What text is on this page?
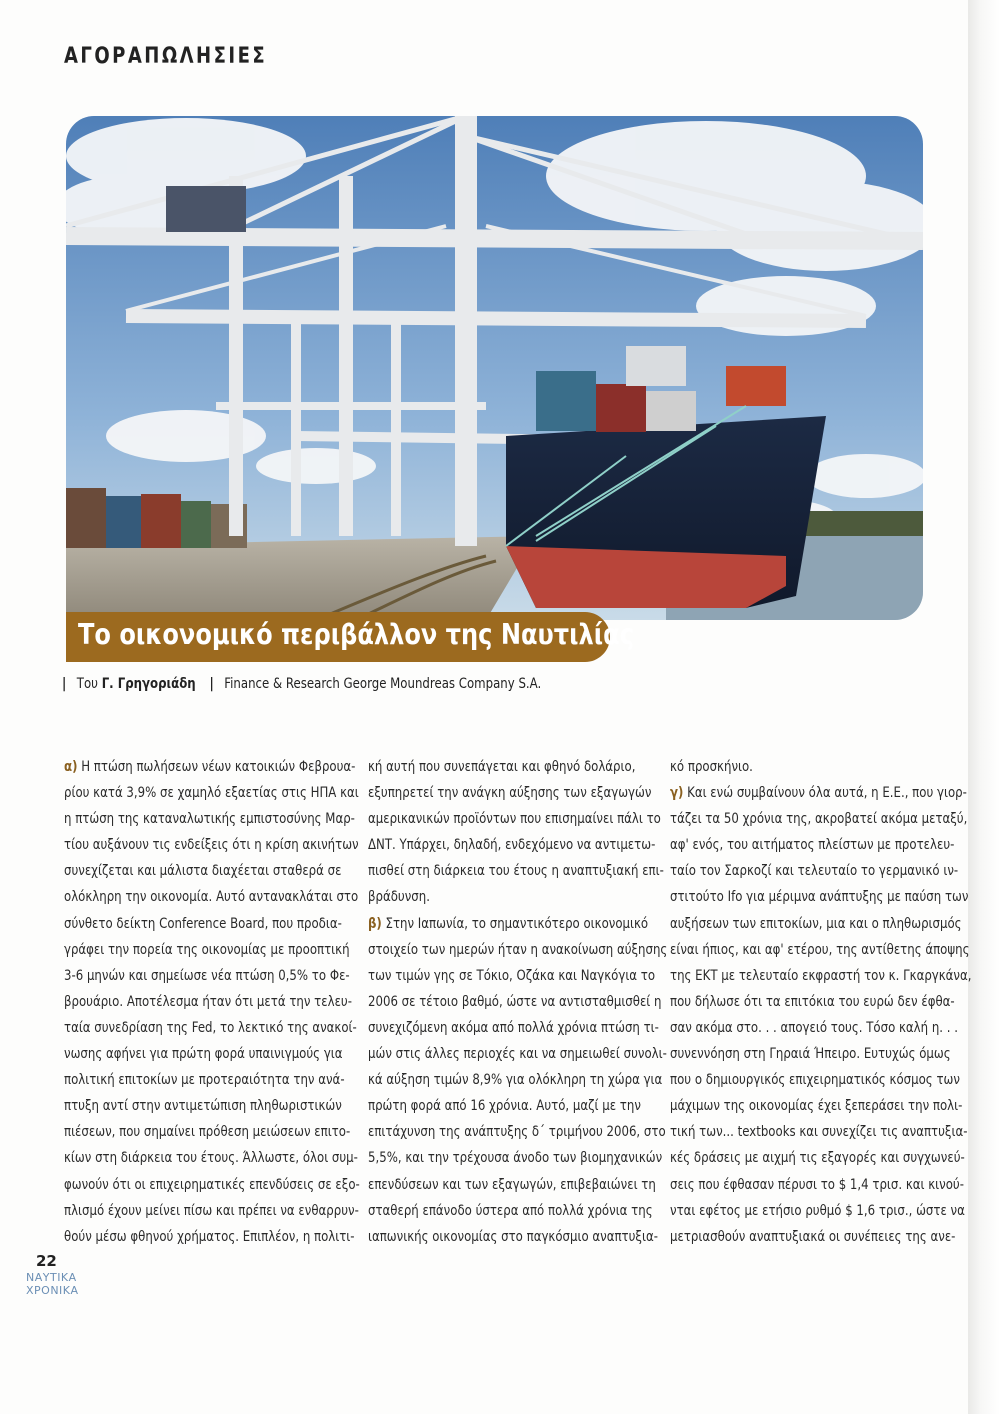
ΑΓΟΡΑΠΩΛΗΣΙΕΣ
Το οικονομικό περιβάλλον της Ναυτιλίας
| Του Γ. Γρηγοριάδη | Finance & Research George Moundreas Company S.A.
α) Η πτώση πωλήσεων νέων κατοικιών Φεβρουα-
ρίου κατά 3,9% σε χαμηλό εξαετίας στις ΗΠΑ και
η πτώση της καταναλωτικής εμπιστοσύνης Μαρ-
τίου αυξάνουν τις ενδείξεις ότι η κρίση ακινήτων
συνεχίζεται και μάλιστα διαχέεται σταθερά σε
ολόκληρη την οικονομία. Αυτό αντανακλάται στο
σύνθετο δείκτη Conference Board, που προδια-
γράφει την πορεία της οικονομίας με προοπτική
3-6 μηνών και σημείωσε νέα πτώση 0,5% το Φε-
βρουάριο. Αποτέλεσμα ήταν ότι μετά την τελευ-
ταία συνεδρίαση της Fed, το λεκτικό της ανακοί-
νωσης αφήνει για πρώτη φορά υπαινιγμούς για
πολιτική επιτοκίων με προτεραιότητα την ανά-
πτυξη αντί στην αντιμετώπιση πληθωριστικών
πιέσεων, που σημαίνει πρόθεση μειώσεων επιτο-
κίων στη διάρκεια του έτους. Άλλωστε, όλοι συμ-
φωνούν ότι οι επιχειρηματικές επενδύσεις σε εξο-
πλισμό έχουν μείνει πίσω και πρέπει να ενθαρρυν-
θούν μέσω φθηνού χρήματος. Επιπλέον, η πολιτι-
κή αυτή που συνεπάγεται και φθηνό δολάριο,
εξυπηρετεί την ανάγκη αύξησης των εξαγωγών
αμερικανικών προϊόντων που επισημαίνει πάλι το
ΔΝΤ. Υπάρχει, δηλαδή, ενδεχόμενο να αντιμετω-
πισθεί στη διάρκεια του έτους η αναπτυξιακή επι-
βράδυνση.
β) Στην Ιαπωνία, το σημαντικότερο οικονομικό
στοιχείο των ημερών ήταν η ανακοίνωση αύξησης
των τιμών γης σε Τόκιο, Οζάκα και Ναγκόγια το
2006 σε τέτοιο βαθμό, ώστε να αντισταθμισθεί η
συνεχιζόμενη ακόμα από πολλά χρόνια πτώση τι-
μών στις άλλες περιοχές και να σημειωθεί συνολι-
κά αύξηση τιμών 8,9% για ολόκληρη τη χώρα για
πρώτη φορά από 16 χρόνια. Αυτό, μαζί με την
επιτάχυνση της ανάπτυξης δ΄ τριμήνου 2006, στο
5,5%, και την τρέχουσα άνοδο των βιομηχανικών
επενδύσεων και των εξαγωγών, επιβεβαιώνει τη
σταθερή επάνοδο ύστερα από πολλά χρόνια της
ιαπωνικής οικονομίας στο παγκόσμιο αναπτυξια-
κό προσκήνιο.
γ) Και ενώ συμβαίνουν όλα αυτά, η Ε.Ε., που γιορ-
τάζει τα 50 χρόνια της, ακροβατεί ακόμα μεταξύ,
αφ' ενός, του αιτήματος πλείστων με προτελευ-
ταίο τον Σαρκοζί και τελευταίο το γερμανικό ιν-
στιτούτο Ifo για μέριμνα ανάπτυξης με παύση των
αυξήσεων των επιτοκίων, μια και ο πληθωρισμός
είναι ήπιος, και αφ' ετέρου, της αντίθετης άποψης
της ΕΚΤ με τελευταίο εκφραστή τον κ. Γκαργκάνα,
που δήλωσε ότι τα επιτόκια του ευρώ δεν έφθα-
σαν ακόμα στο. . . απογειό τους. Τόσο καλή η. . .
συνεννόηση στη Γηραιά Ήπειρο. Ευτυχώς όμως
που ο δημιουργικός επιχειρηματικός κόσμος των
μάχιμων της οικονομίας έχει ξεπεράσει την πολι-
τική των... textbooks και συνεχίζει τις αναπτυξια-
κές δράσεις με αιχμή τις εξαγορές και συγχωνεύ-
σεις που έφθασαν πέρυσι το $ 1,4 τρισ. και κινού-
νται εφέτος με ετήσιο ρυθμό $ 1,6 τρισ., ώστε να
μετριασθούν αναπτυξιακά οι συνέπειες της ανε-
22
ΝΑΥΤΙΚΑ
ΧΡΟΝΙΚΑ
